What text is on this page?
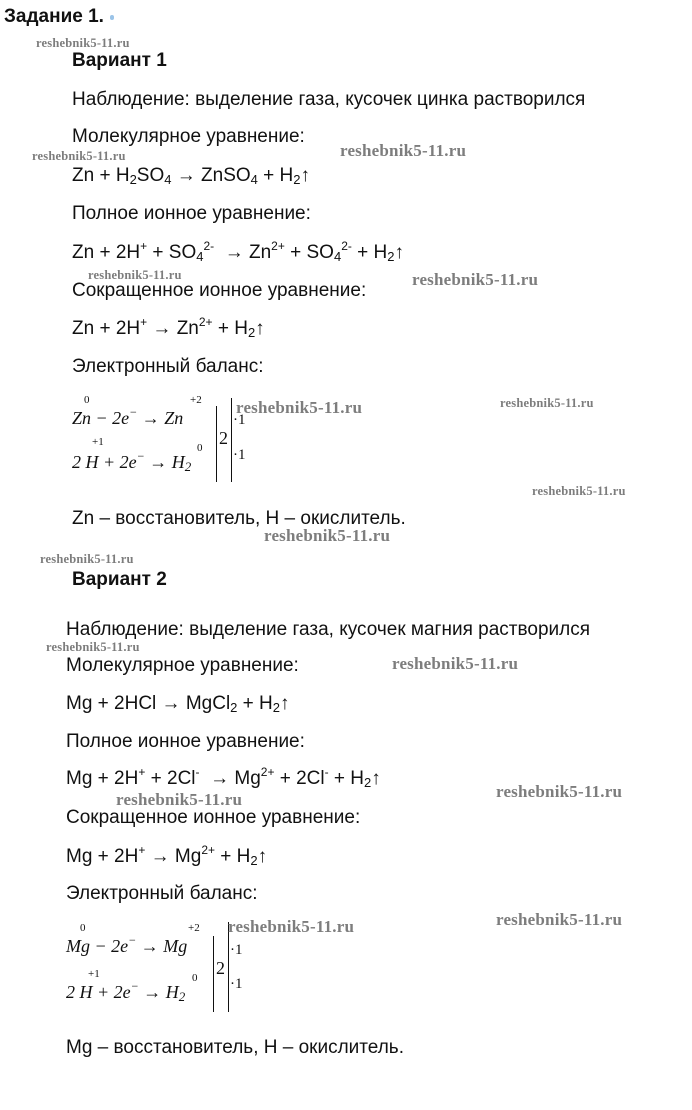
Задание 1.
Вариант 1
Наблюдение: выделение газа, кусочек цинка растворился
Молекулярное уравнение:
$Zn + H_2SO_4$ → ZnSO$_4$ + $H_2↑$
Полное ионное уравнение:
$Zn + 2H^+ + SO_4^{2-} \to Zn^{2+} + SO_4^{2-}$ + $H_2↑$
Сокращенное ионное уравнение:
$Zn + 2H^+ \to Zn^{2+}$ + $H_2↑$
Электронный баланс:
0	+2
Zn − 2e− → Zn
+1	0
2 $H + 2e^- \to H_2$
2
·1
·1
Zn – восстановитель, H – окислитель.
Вариант 2
Наблюдение: выделение газа, кусочек магния растворился
Молекулярное уравнение:
Mg + 2HCl → MgCl$_2$ + $H_2↑$
Полное ионное уравнение:
$Mg + 2H^+ + 2Cl^- \to Mg^{2+} + 2Cl^-$ + $H_2↑$
Сокращенное ионное уравнение:
$Mg + 2H^+ \to Mg^{2+}$ + $H_2↑$
Электронный баланс:
0	+2
Mg − 2e− → Mg
+1	0
2 $H + 2e^- \to H_2$
2
·1
·1
Mg – восстановитель, H – окислитель.
reshebnik5-11.ru
reshebnik5-11.ru	reshebnik5-11.ru
reshebnik5-11.ru	reshebnik5-11.ru
reshebnik5-11.ru	reshebnik5-11.ru
reshebnik5-11.ru
reshebnik5-11.ru
reshebnik5-11.ru
reshebnik5-11.ru
reshebnik5-11.ru
reshebnik5-11.ru	reshebnik5-11.ru
reshebnik5-11.ru	reshebnik5-11.ru
